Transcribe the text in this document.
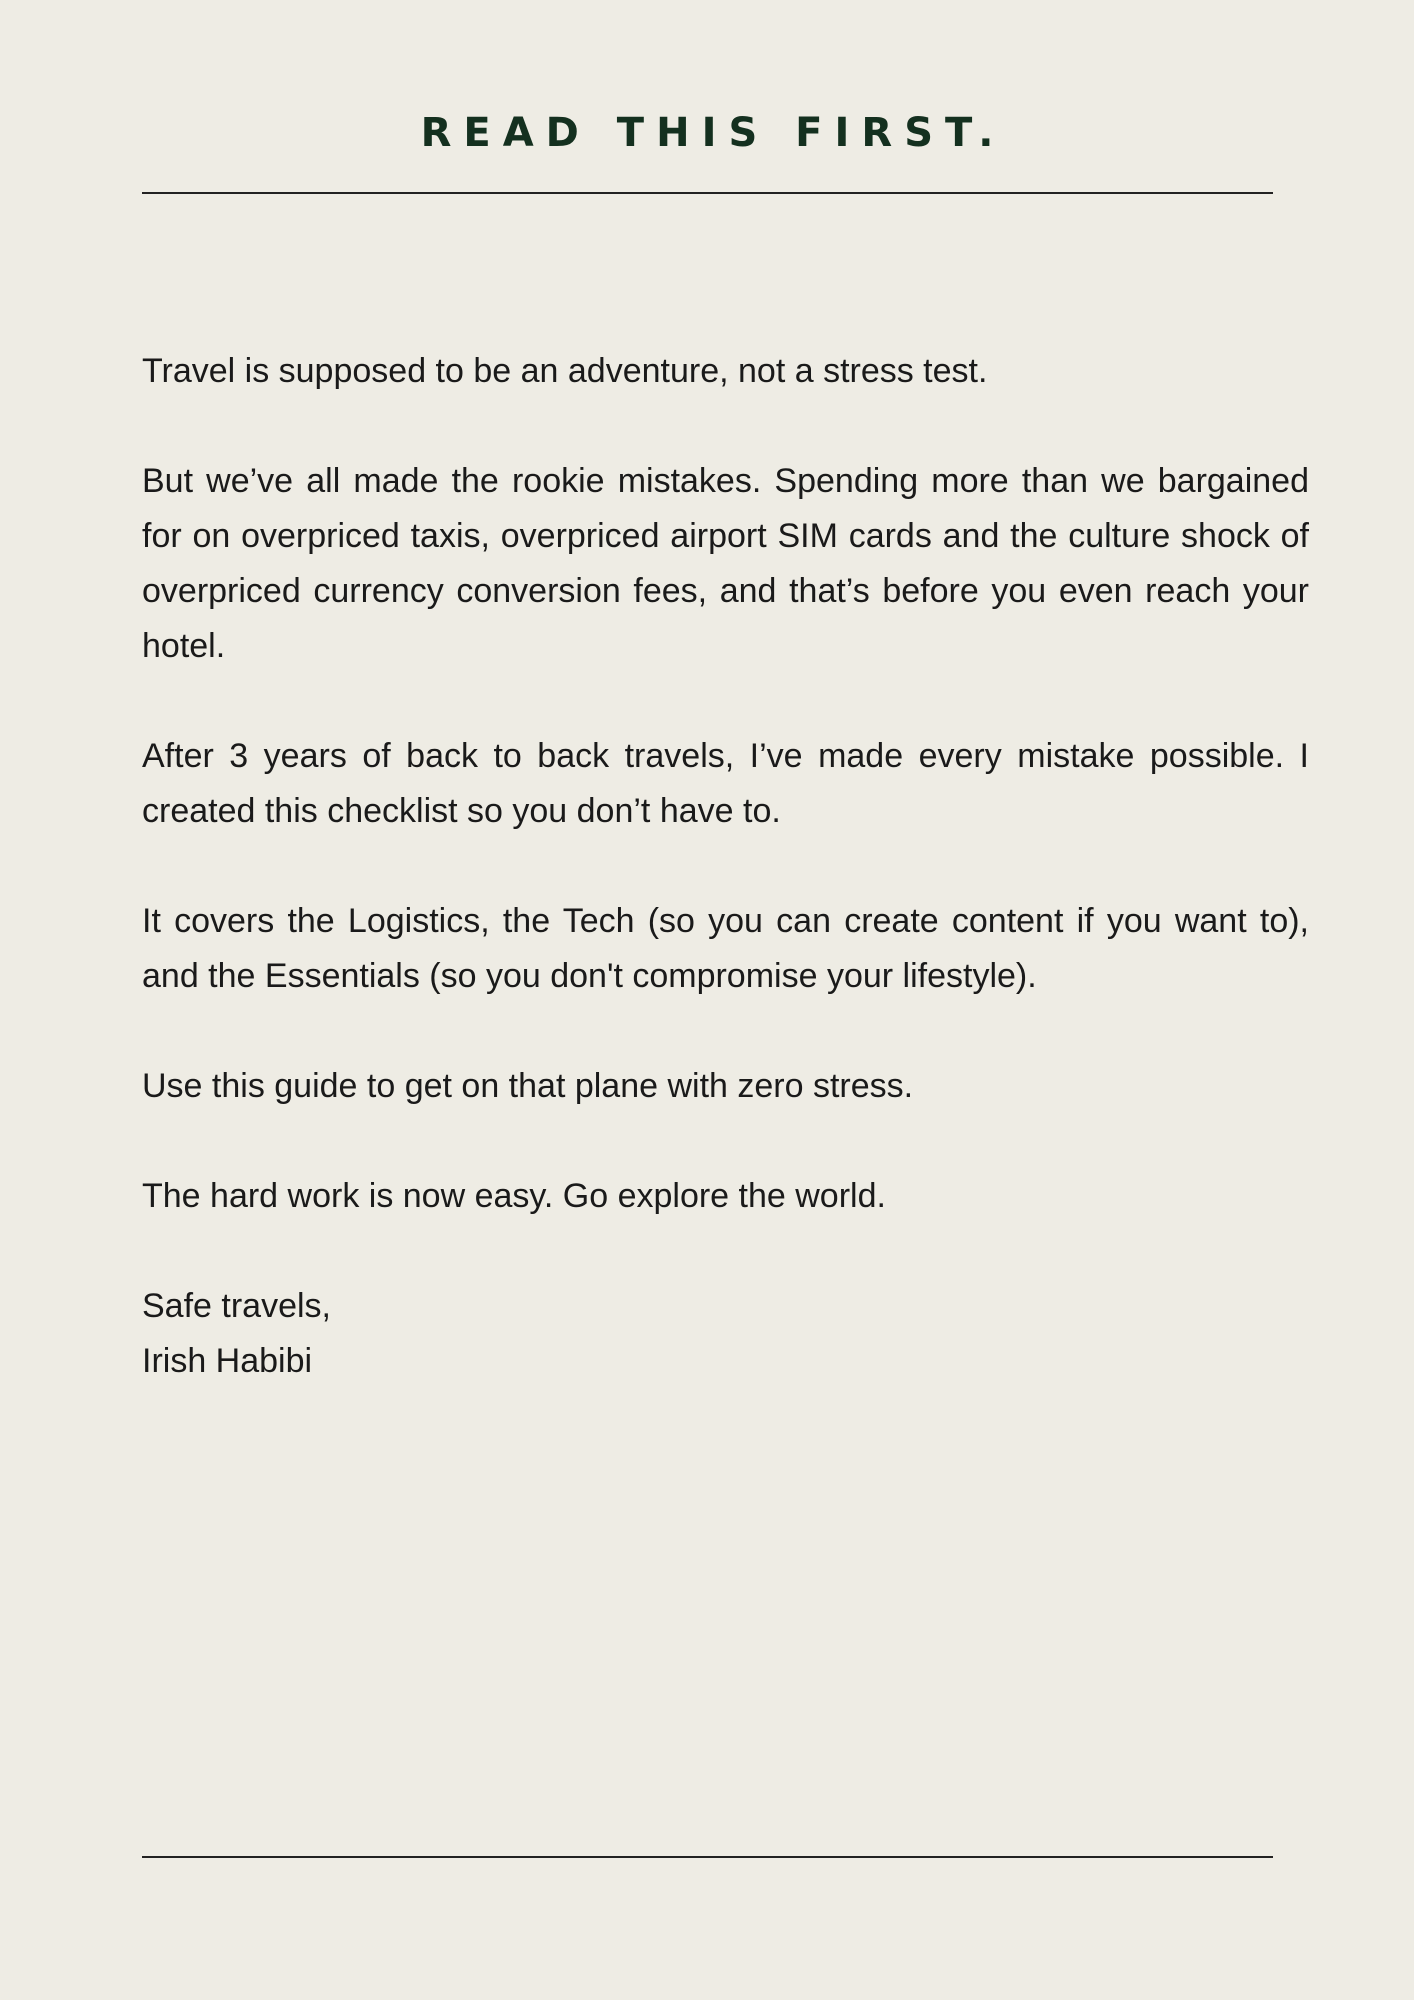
READ THIS FIRST.

Travel is supposed to be an adventure, not a stress test.

But we’ve all made the rookie mistakes. Spending more than we bargained for on overpriced taxis, overpriced airport SIM cards and the culture shock of overpriced currency conversion fees, and that’s before you even reach your hotel.

After 3 years of back to back travels, I’ve made every mistake possible. I created this checklist so you don’t have to.

It covers the Logistics, the Tech (so you can create content if you want to), and the Essentials (so you don't compromise your lifestyle).

Use this guide to get on that plane with zero stress.

The hard work is now easy. Go explore the world.

Safe travels,
Irish Habibi
